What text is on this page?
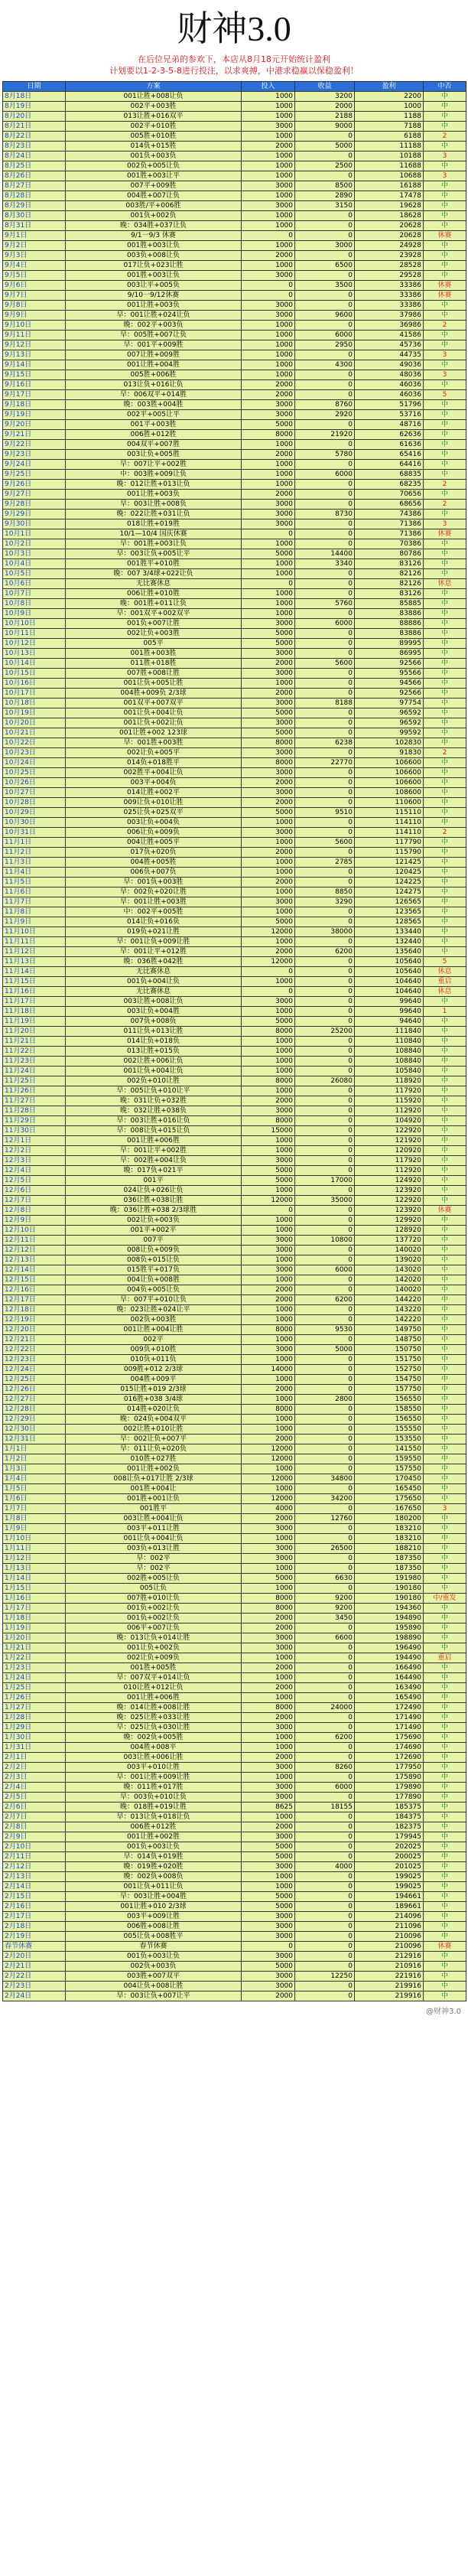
财神3.0
在后位兄弟的参欢下，本店从8月18元开始统计盈利
计划要以1-2-3-5-8进行投注，以求爽搏，中港求稳赢以保稳盈利！
日期	方案	投入	收益	盈利	中否
8月18日	001让胜+008让负	1000	3200	2200	中
8月19日	002平+003胜	1000	2000	1000	中
8月20日	013让胜+016双平	1000	2188	1188	中
8月21日	002平+010胜	3000	9000	7188	中
8月22日	005胜+010胜	1000	0	6188	2
8月23日	014负+015胜	2000	5000	11188	中
8月24日	001负+003负	1000	0	10188	3
8月25日	002负+005让负	1000	2500	11688	中
8月26日	001胜+003让平	1000	0	10688	3
8月27日	007平+009胜	3000	8500	16188	中
8月28日	004胜+007让负	1000	2890	17478	中
8月29日	003胜/平+006胜	3000	3150	19628	中
8月30日	001负+002负	1000	0	18628	中
8月31日	晚：034胜+037让负	1000	0	20628	中
9月1日	9/1一9/3 休赛	0	0	20628	休赛
9月2日	001胜+003让负	1000	3000	24928	中
9月3日	003负+008让负	2000	0	23928	中
9月4日	017让负+023让胜	1000	6500	28528	中
9月5日	001胜+003让负	3000	0	29528	中
9月6日	003让平+005负	0	3500	33386	休赛
9月7日	9/10一9/12休赛	0	0	33386	休赛
9月8日	001让胜+003负	3000	0	33386	中
9月9日	早：001让胜+024让负	3000	9600	37986	中
9月10日	晚：002平+003负	1000	0	36986	2
9月11日	早：005胜+007让负	1000	6000	41586	中
9月12日	早：001平+009胜	1000	2950	45736	中
9月13日	007让胜+009胜	1000	0	44735	3
9月14日	001让胜+004胜	1000	4300	49036	中
9月15日	005胜+006胜	1000	0	48036	3
9月16日	013让负+016让负	2000	0	46036	中
9月17日	早：006双平+014胜	2000	0	46036	5
9月18日	晚：003胜+004胜	3000	8760	51796	中
9月19日	002平+005让平	3000	2920	53716	中
9月20日	001平+003胜	5000	0	48716	中
9月21日	006胜+012胜	8000	21920	62636	中
9月22日	004双平+007胜	1000	0	61636	中
9月23日	003让负+005胜	2000	5780	65416	中
9月24日	早：007让平+002胜	1000	0	64416	中
9月25日	中：003胜+009让负	1000	6000	68835	中
9月26日	晚：012让胜+013让负	1000	0	68235	2
9月27日	001让胜+003负	2000	0	70656	中
9月28日	早：003让胜+008负	3000	0	68656	2
9月29日	晚：022让胜+031让负	3000	8730	74386	中
9月30日	018让胜+019胜	3000	0	71386	3
10月1日	10/1—10/4 国庆休赛	0	0	71386	休赛
10月2日	早：001胜+003让负	1000	0	70386	中
10月3日	早：003让负+005让平	5000	14400	80786	中
10月4日	001胜平+010胜	1000	3340	83126	中
10月5日	晚：007 3/4球+022让负	1000	0	82126	中
10月6日	无比赛休息	0	0	82126	休息
10月7日	006让胜+010胜	1000	0	83126	中
10月8日	晚：001胜+011让负	1000	5760	85885	中
10月9日	早：001双平+002双平	1000	0	83886	中
10月10日	001负+007让胜	3000	6000	88886	中
10月11日	002让负+003胜	5000	0	83886	中
10月12日	005平	5000	0	89995	中
10月13日	001胜+003胜	3000	0	86995	中
10月14日	011胜+018胜	2000	5600	92566	中
10月15日	007胜+008让胜	3000	0	95566	中
10月16日	001让负+005让胜	1000	0	94566	中
10月17日	004胜+009负 2/3球	2000	0	92566	中
10月18日	001双平+007双平	3000	8188	97754	中
10月19日	001让负+004让负	5000	0	96592	中
10月20日	001让负+002让负	3000	0	96592	中
10月21日	001让胜+002 123球	5000	0	99592	中
10月22日	早：001胜+003胜	8000	6238	102830	中
10月23日	002让负+005平	3000	0	91830	2
10月24日	014负+018胜平	8000	22770	106600	中
10月25日	002胜平+004让负	3000	0	106600	中
10月26日	003平+004负	2000	0	106600	中
10月27日	014让胜+002平	3000	0	108600	中
10月28日	009让负+010让胜	2000	0	110600	中
10月29日	025让负+025双平	5000	9510	115110	中
10月30日	003让负+004负	1000	0	114110	中
10月31日	006让负+009负	3000	0	114110	2
11月1日	004让胜+005平	1000	5600	117790	中
11月2日	017负+020负	2000	0	115790	中
11月3日	004胜+005胜	1000	2785	121425	中
11月4日	006负+007负	1000	0	120425	中
11月5日	早：001负+003胜	2000	0	124225	中
11月6日	早：002负+020让胜	1000	8850	124275	中
11月7日	早：001让胜+003胜	3000	3290	126565	中
11月8日	中：002平+005胜	1000	0	123565	中
11月9日	014让负+016负	5000	0	128565	中
11月10日	019负+021让胜	12000	38000	133440	中
11月11日	早：001让负+009让胜	1000	0	132440	中
11月12日	早：001让平+012胜	2000	6200	135640	中
11月13日	晚：036胜+042胜	12000	0	105640	5
11月14日	无比赛休息	0	0	105640	休息
11月15日	001负+004让负	1000	0	104640	重启
11月16日	无比赛休息	0	0	104640	休息
11月17日	003让胜+008让负	3000	0	99640	中
11月18日	003让负+004胜	1000	0	99640	1
11月19日	007负+008负	5000	0	94640	中
11月20日	011让负+013让胜	8000	25200	111840	中
11月21日	014让负+018负	1000	0	110840	中
11月22日	013让胜+015负	1000	0	108840	中
11月23日	002让胜+006让负	1000	0	108840	中
11月24日	001让负+004让负	1000	0	105840	中
11月25日	002负+010让胜	8000	26080	118920	中
11月26日	早：005让负+010让平	1000	0	117920	中
11月27日	晚：031让负+032胜	2000	0	115920	中
11月28日	晚：032让胜+038负	3000	0	112920	中
11月29日	早：003让胜+016让负	8000	0	104920	中
11月30日	早：008让负+015让负	15000	0	122920	中
12月1日	001让胜+006胜	1000	0	121920	中
12月2日	早：001让平+002胜	1000	0	120920	中
12月3日	早：002胜+004让负	3000	0	117920	中
12月4日	晚：017负+021平	5000	0	112920	中
12月5日	001平	5000	17000	124920	中
12月6日	024让负+026让负	1000	0	123920	中
12月7日	036让胜+038让胜	12000	35000	122920	中
12月8日	晚：036让胜+038 2/3球胜	0	0	123920	休赛
12月9日	002让负+003负	1000	0	129920	中
12月10日	001平+002平	1000	0	128920	中
12月11日	007平	3000	10800	137720	中
12月12日	008让负+009负	3000	0	140020	中
12月13日	008负+015让负	1000	0	139020	中
12月14日	015胜平+017负	3000	6000	143020	中
12月15日	004让负+008胜	1000	0	142020	中
12月16日	004负+005让负	2000	0	140020	中
12月17日	早：007平+010让负	2000	6200	144220	中
12月18日	晚：023让胜+024让平	1000	0	143220	中
12月19日	002负+003胜	1000	0	142220	中
12月20日	001让胜+004让胜	8000	9530	149750	中
12月21日	002平	1000	0	148750	中
12月22日	009负+010胜	3000	5000	150750	中
12月23日	010负+011负	1000	0	151750	中
12月24日	009胜+012 2/3球	14000	0	152750	中
12月25日	004胜+009平	1000	0	154750	中
12月26日	015让胜+019 2/3球	2000	0	157750	中
12月27日	016胜+038 3/4球	1000	2800	156550	中
12月28日	014胜+020让负	8000	0	158550	中
12月29日	晚：024负+004双平	1000	0	156550	中
12月30日	002让胜+010让胜	1000	0	155550	中
12月31日	早：002让负+007平	2000	0	153550	中
1月1日	早：011让负+020负	12000	0	141550	中
1月2日	010胜+027胜	12000	0	159550	中
1月3日	001让胜+002负	1000	0	157550	中
1月4日	008让负+017让胜 2/3球	12000	34800	170450	中
1月5日	001胜+004让	1000	0	165450	中
1月6日	001胜+001让负	12000	34200	175650	中
1月7日	001胜平	4000	0	167650	3
1月8日	003让胜+004让负	2000	12760	180200	中
1月9日	003平+011让胜	3000	0	183210	中
1月10日	001让负+004让负	1000	0	183210	中
1月11日	003负+013让胜	3000	26500	188210	中
1月12日	早：002平	3000	0	187350	中
1月13日	早：002平	1000	0	187350	中
1月14日	002胜+005让负	5000	6630	191980	中
1月15日	005让负	1000	0	190180	中
1月16日	007胜+010让负	8000	9200	190180	中/重发
1月17日	001负+002让负	8000	9200	194360	中
1月18日	001负+002让负	2000	3450	194890	中
1月19日	006平+007让负	2000	0	195890	中
1月20日	晚：013让负+014让胜	3000	6600	198890	中
1月21日	001让负+002负	3000	0	196490	中
1月22日	002让负+009负	1000	0	194490	重启
1月23日	001胜+005胜	2000	0	166490	中
1月24日	早：007双平+014让负	1000	0	164490	中
1月25日	010让胜+012让负	2000	0	163490	中
1月26日	001让胜+006胜	1000	0	165490	中
1月27日	晚：014让胜+008让胜	8000	24000	172490	中
1月28日	晚：025让胜+033让胜	2000	0	171490	中
1月29日	早：025让负+030让胜	3000	0	171490	中
1月30日	晚：002负+005胜	1000	6200	175690	中
1月31日	004胜+008平	1000	0	174690	中
2月1日	003让胜+006让胜	2000	0	172690	中
2月2日	003平+010让胜	3000	8260	177950	中
2月3日	早：001让胜+009让胜	1000	0	175890	中
2月4日	晚：011胜+017胜	3000	6000	179890	中
2月5日	早：003负+010让负	3000	0	177890	中
2月6日	晚：018胜+019让胜	8625	18155	185375	中
2月7日	早：013让负+018让负	1000	0	184375	中
2月8日	006胜+012胜	2000	0	182375	中
2月9日	001让胜+002胜	3000	0	179945	中
2月10日	001负+003让负	5000	0	202025	中
2月11日	早：014负+019胜	5000	0	200025	中
2月12日	晚：019胜+020胜	3000	4000	201025	中
2月13日	晚：002负+008负	1000	0	199025	中
2月14日	001让负+011让负	1000	0	199025	中
2月15日	早：003让胜+004胜	5000	0	194661	中
2月16日	001让胜+010 2/3球	5000	0	189661	中
2月17日	003平+009让胜	3000	0	214096	中
2月18日	006胜+008让胜	3000	0	211096	中
2月19日	005让负+008胜平	3000	0	210096	中
春节休赛	春节休赛	0	0	210096	休赛
2月20日	001负+003让负	3000	0	212916	中
2月21日	002负+003负	5000	0	210916	中
2月22日	003胜+007双平	3000	12250	221916	中
2月23日	004让负+008让胜	3000	0	219916	中
2月24日	早：003让负+007让平	2000	0	219916	中
@财神3.0
